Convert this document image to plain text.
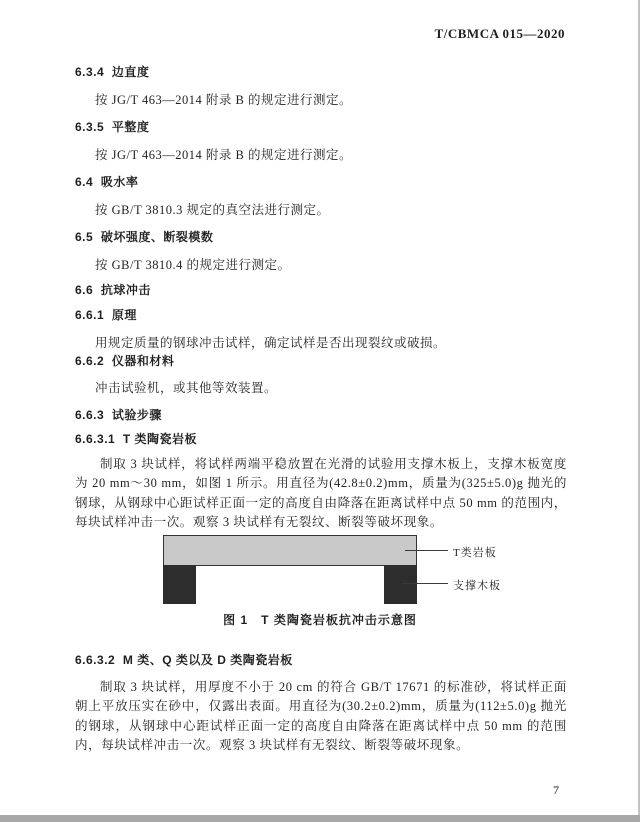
T/CBMCA 015—2020
6.3.4  边直度
按 JG/T 463—2014 附录 B 的规定进行测定。
6.3.5  平整度
按 JG/T 463—2014 附录 B 的规定进行测定。
6.4  吸水率
按 GB/T 3810.3 规定的真空法进行测定。
6.5  破坏强度、断裂模数
按 GB/T 3810.4 的规定进行测定。
6.6  抗球冲击
6.6.1  原理
用规定质量的钢球冲击试样，确定试样是否出现裂纹或破损。
6.6.2  仪器和材料
冲击试验机，或其他等效装置。
6.6.3  试验步骤
6.6.3.1  T 类陶瓷岩板
制取 3 块试样，将试样两端平稳放置在光滑的试验用支撑木板上，支撑木板宽度为 20 mm～30 mm，如图 1 所示。用直径为(42.8±0.2)mm，质量为(325±5.0)g 抛光的钢球，从钢球中心距试样正面一定的高度自由降落在距离试样中点 50 mm 的范围内，每块试样冲击一次。观察 3 块试样有无裂纹、断裂等破坏现象。
T类岩板
支撑木板
图 1   T 类陶瓷岩板抗冲击示意图
6.6.3.2  M 类、Q 类以及 D 类陶瓷岩板
制取 3 块试样，用厚度不小于 20 cm 的符合 GB/T 17671 的标准砂，将试样正面朝上平放压实在砂中，仅露出表面。用直径为(30.2±0.2)mm，质量为(112±5.0)g 抛光的钢球，从钢球中心距试样正面一定的高度自由降落在距离试样中点 50 mm 的范围内，每块试样冲击一次。观察 3 块试样有无裂纹、断裂等破坏现象。
7
